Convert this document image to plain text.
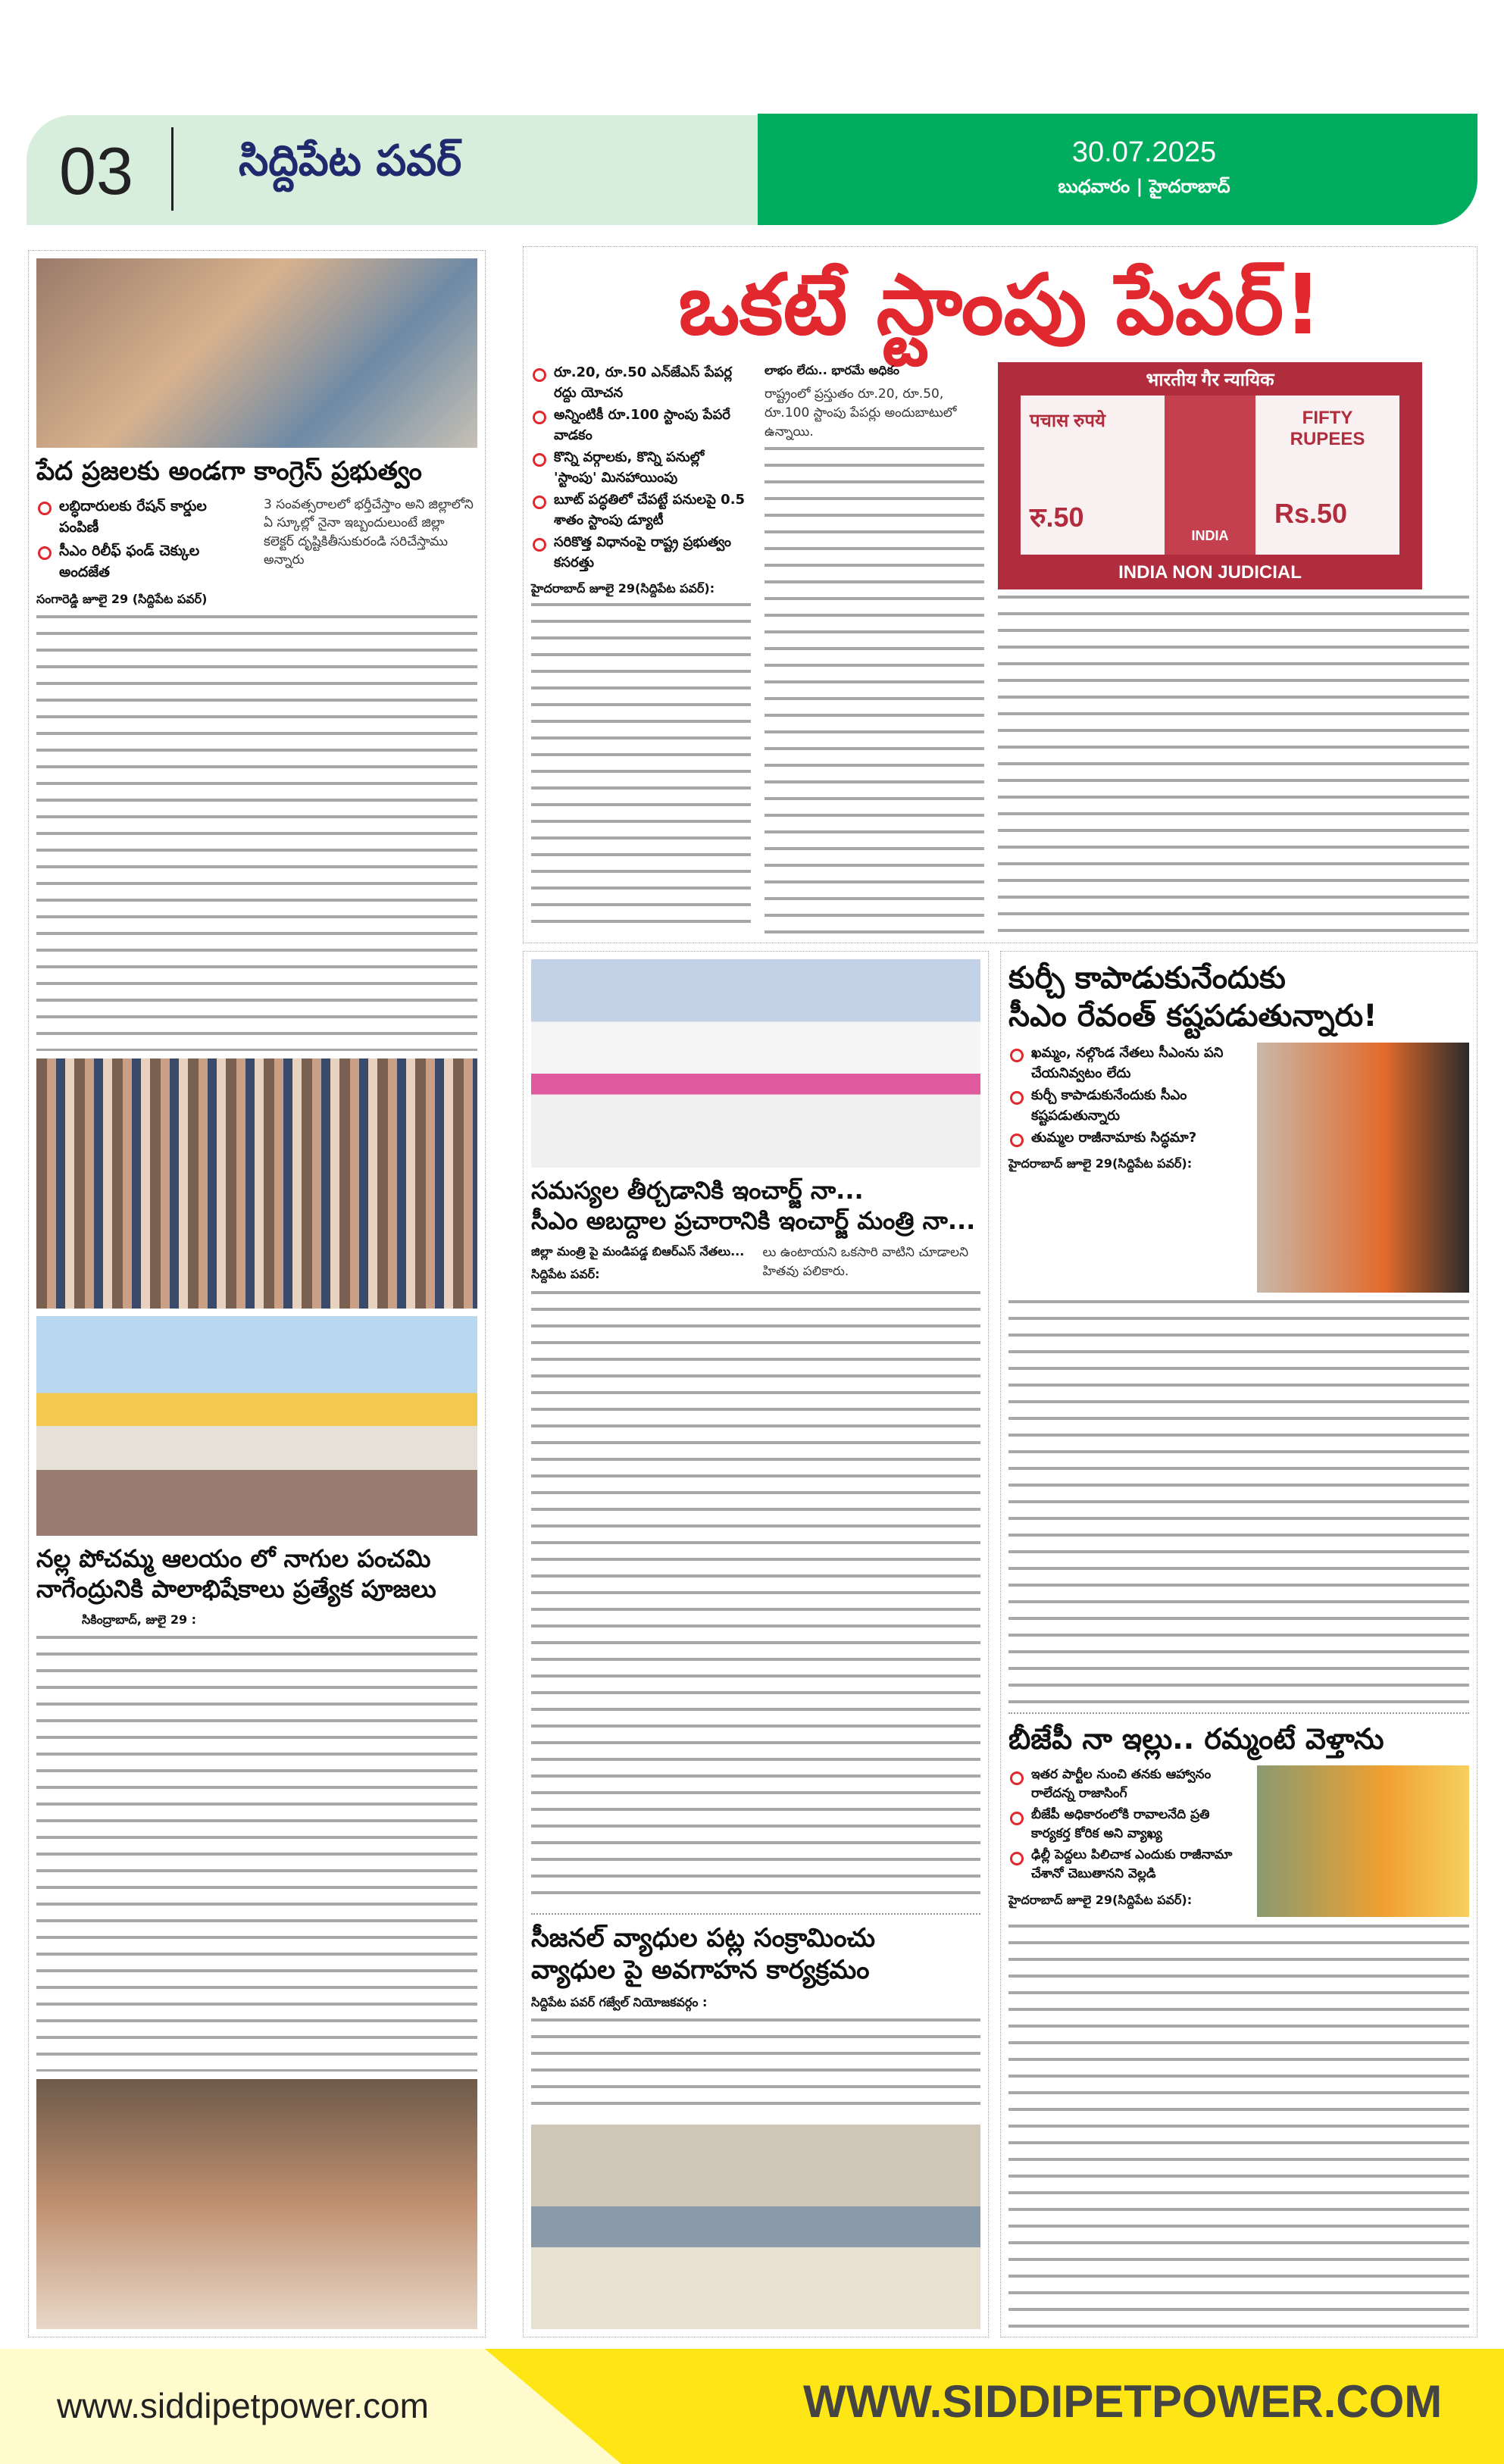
03 సిద్దిపేట పవర్	30.07.2025
బుధవారం | హైదరాబాద్
పేద ప్రజలకు అండగా కాంగ్రెస్ ప్రభుత్వం
లబ్ధిదారులకు రేషన్ కార్డుల పంపిణీ
సీఎం రిలీఫ్ ఫండ్ చెక్కుల అందజేత
సంగారెడ్డి జూలై 29 (సిద్దిపేట పవర్)
3 సంవత్సరాలలో భర్తీచేస్తాం అని జిల్లాలోని ఏ స్కూల్లో నైనా ఇబ్బందులుంటే జిల్లా కలెక్టర్ దృష్టికితీసుకురండి సరిచేస్తాము అన్నారు
నల్ల పోచమ్మ ఆలయం లో నాగుల పంచమి
నాగేంద్రునికి పాలాభిషేకాలు ప్రత్యేక పూజలు
సికింద్రాబాద్, జులై 29 :
ఒకటే స్టాంపు పేపర్!
రూ.20, రూ.50 ఎన్‌జేఎస్ పేపర్ల రద్దు యోచన
అన్నింటికీ రూ.100 స్టాంపు పేపరే వాడకం
కొన్ని వర్గాలకు, కొన్ని పనుల్లో 'స్టాంపు' మినహాయింపు
బూట్ పద్ధతిలో చేపట్టే పనులపై 0.5 శాతం స్టాంపు డ్యూటీ
సరికొత్త విధానంపై రాష్ట్ర ప్రభుత్వం కసరత్తు
హైదరాబాద్ జూలై 29(సిద్దిపేట పవర్):
లాభం లేదు.. భారమే అధికం
రాష్ట్రంలో ప్రస్తుతం రూ.20, రూ.50, రూ.100 స్టాంపు పేపర్లు అందుబాటులో ఉన్నాయి.
भारतीय गैर न्यायिक
पचास रुपये
रु.50
INDIA
FIFTY RUPEES
Rs.50
INDIA NON JUDICIAL
సమస్యల తీర్చడానికి ఇంచార్జ్ నా...
సీఎం అబద్దాల ప్రచారానికి ఇంచార్జ్ మంత్రి నా...
జిల్లా మంత్రి పై మండిపడ్డ బిఆర్ఎస్ నేతలు...
సిద్దిపేట పవర్:
లు ఉంటాయని ఒకసారి వాటిని చూడాలని హితవు పలికారు.
సీజనల్ వ్యాధుల పట్ల సంక్రామించు
వ్యాధుల పై అవగాహన కార్యక్రమం
సిద్దిపేట పవర్ గజ్వేల్ నియోజకవర్గం :
కుర్చీ కాపాడుకునేందుకు
సీఎం రేవంత్ కష్టపడుతున్నారు!
ఖమ్మం, నల్గొండ నేతలు సీఎంను పని చేయనివ్వటం లేదు
కుర్చీ కాపాడుకునేందుకు సీఎం కష్టపడుతున్నారు
తుమ్మల రాజీనామాకు సిద్ధమా?
హైదరాబాద్ జూలై 29(సిద్దిపేట పవర్):
బీజేపీ నా ఇల్లు.. రమ్మంటే వెళ్తాను
ఇతర పార్టీల నుంచి తనకు ఆహ్వానం రాలేదన్న రాజాసింగ్
బీజేపీ అధికారంలోకి రావాలనేది ప్రతి కార్యకర్త కోరిక అని వ్యాఖ్య
ఢిల్లీ పెద్దలు పిలిచాక ఎందుకు రాజీనామా చేశానో చెబుతానని వెల్లడి
హైదరాబాద్ జూలై 29(సిద్దిపేట పవర్):
www.siddipetpower.com	WWW.SIDDIPETPOWER.COM
